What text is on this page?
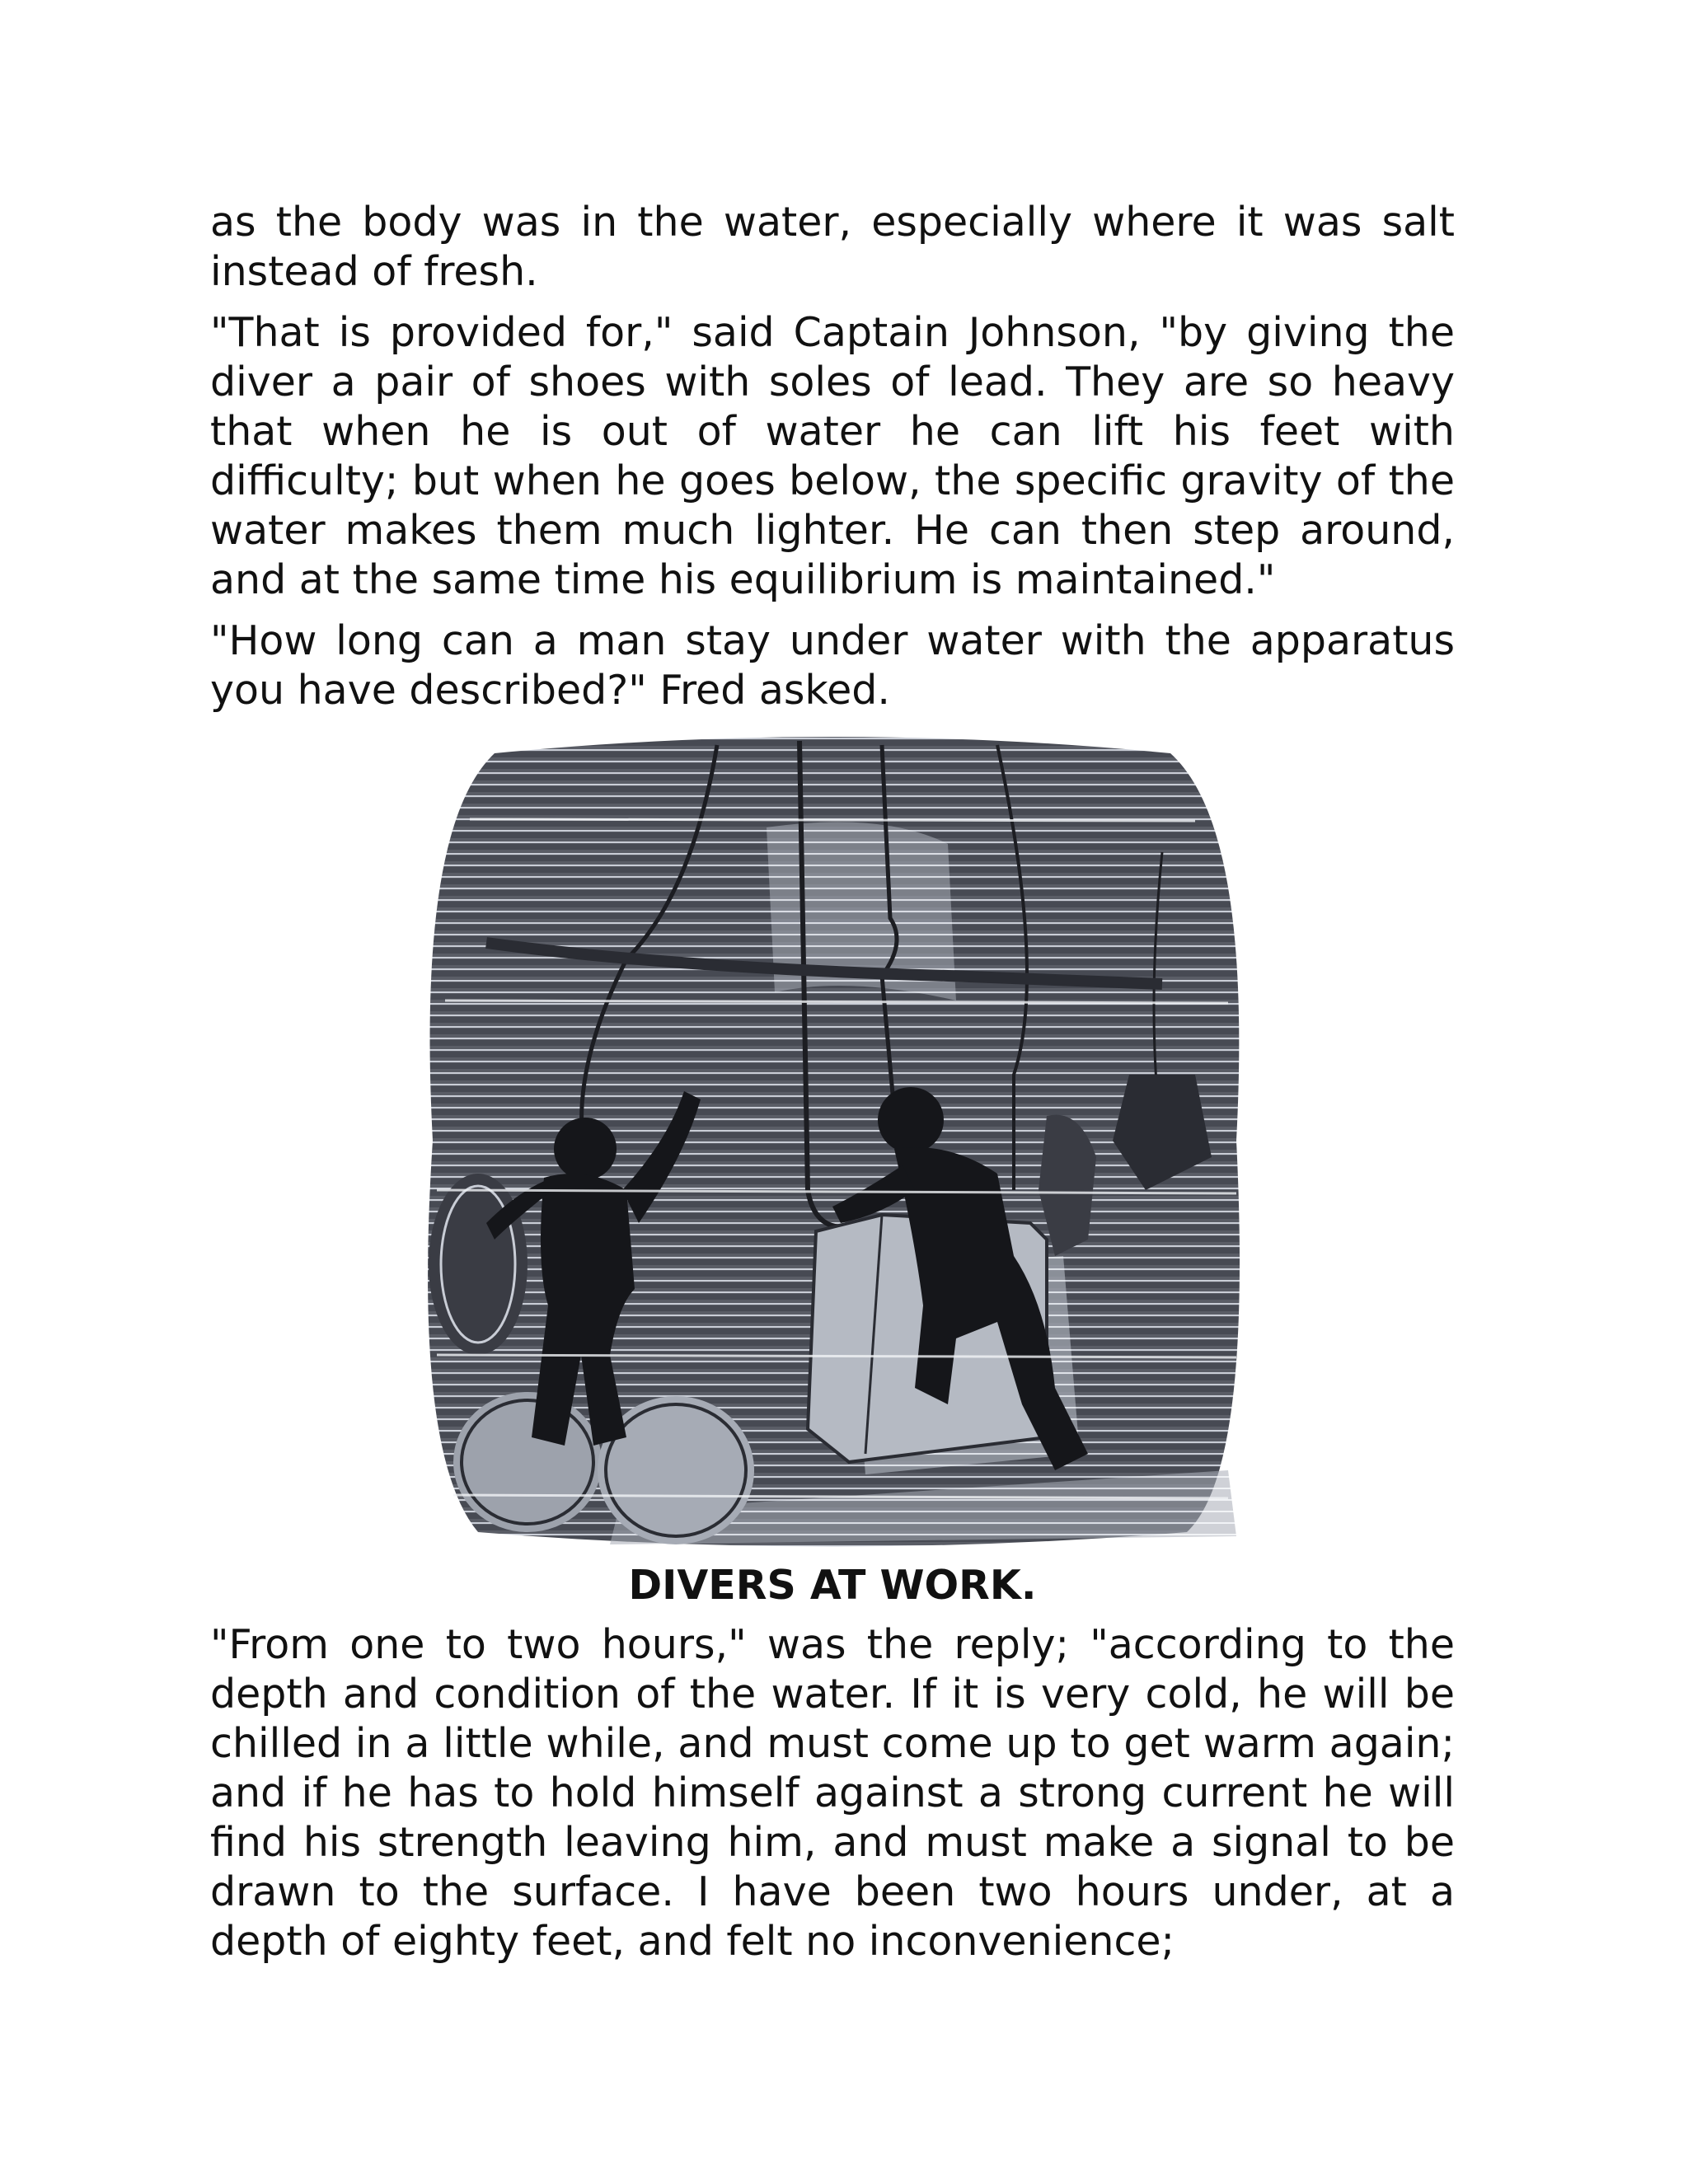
as the body was in the water, especially where it was salt instead of fresh.

"That is provided for," said Captain Johnson, "by giving the diver a pair of shoes with soles of lead. They are so heavy that when he is out of water he can lift his feet with difficulty; but when he goes below, the specific gravity of the water makes them much lighter. He can then step around, and at the same time his equilibrium is maintained."

"How long can a man stay under water with the apparatus you have described?" Fred asked.

DIVERS AT WORK.

"From one to two hours," was the reply; "according to the depth and condition of the water. If it is very cold, he will be chilled in a little while, and must come up to get warm again; and if he has to hold himself against a strong current he will find his strength leaving him, and must make a signal to be drawn to the surface. I have been two hours under, at a depth of eighty feet, and felt no inconvenience;
